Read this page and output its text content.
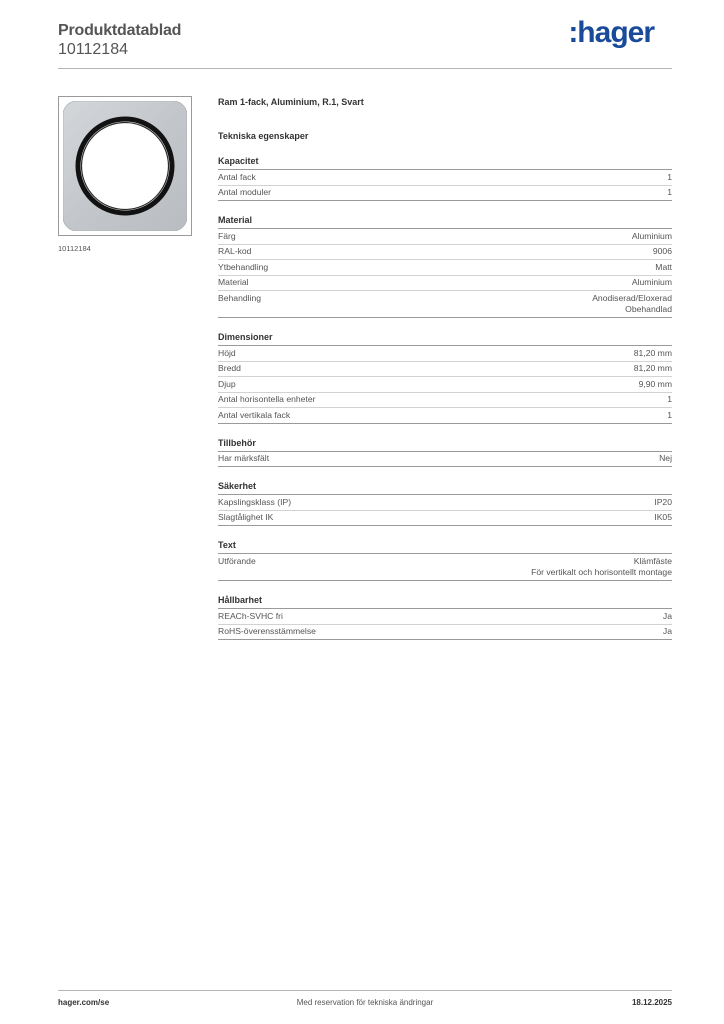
Produktdatablad
10112184
:hager
10112184
Ram 1-fack, Aluminium, R.1, Svart
Tekniska egenskaper
Kapacitet
Antal fack	1
Antal moduler	1
Material
Färg	Aluminium
RAL-kod	9006
Ytbehandling	Matt
Material	Aluminium
Behandling	Anodiserad/Eloxerad
Obehandlad
Dimensioner
Höjd	81,20 mm
Bredd	81,20 mm
Djup	9,90 mm
Antal horisontella enheter	1
Antal vertikala fack	1
Tillbehör
Har märksfält	Nej
Säkerhet
Kapslingsklass (IP)	IP20
Slagtålighet IK	IK05
Text
Utförande	Klämfäste
För vertikalt och horisontellt montage
Hållbarhet
REACh-SVHC fri	Ja
RoHS-överensstämmelse	Ja
hager.com/se	Med reservation för tekniska ändringar	18.12.2025
